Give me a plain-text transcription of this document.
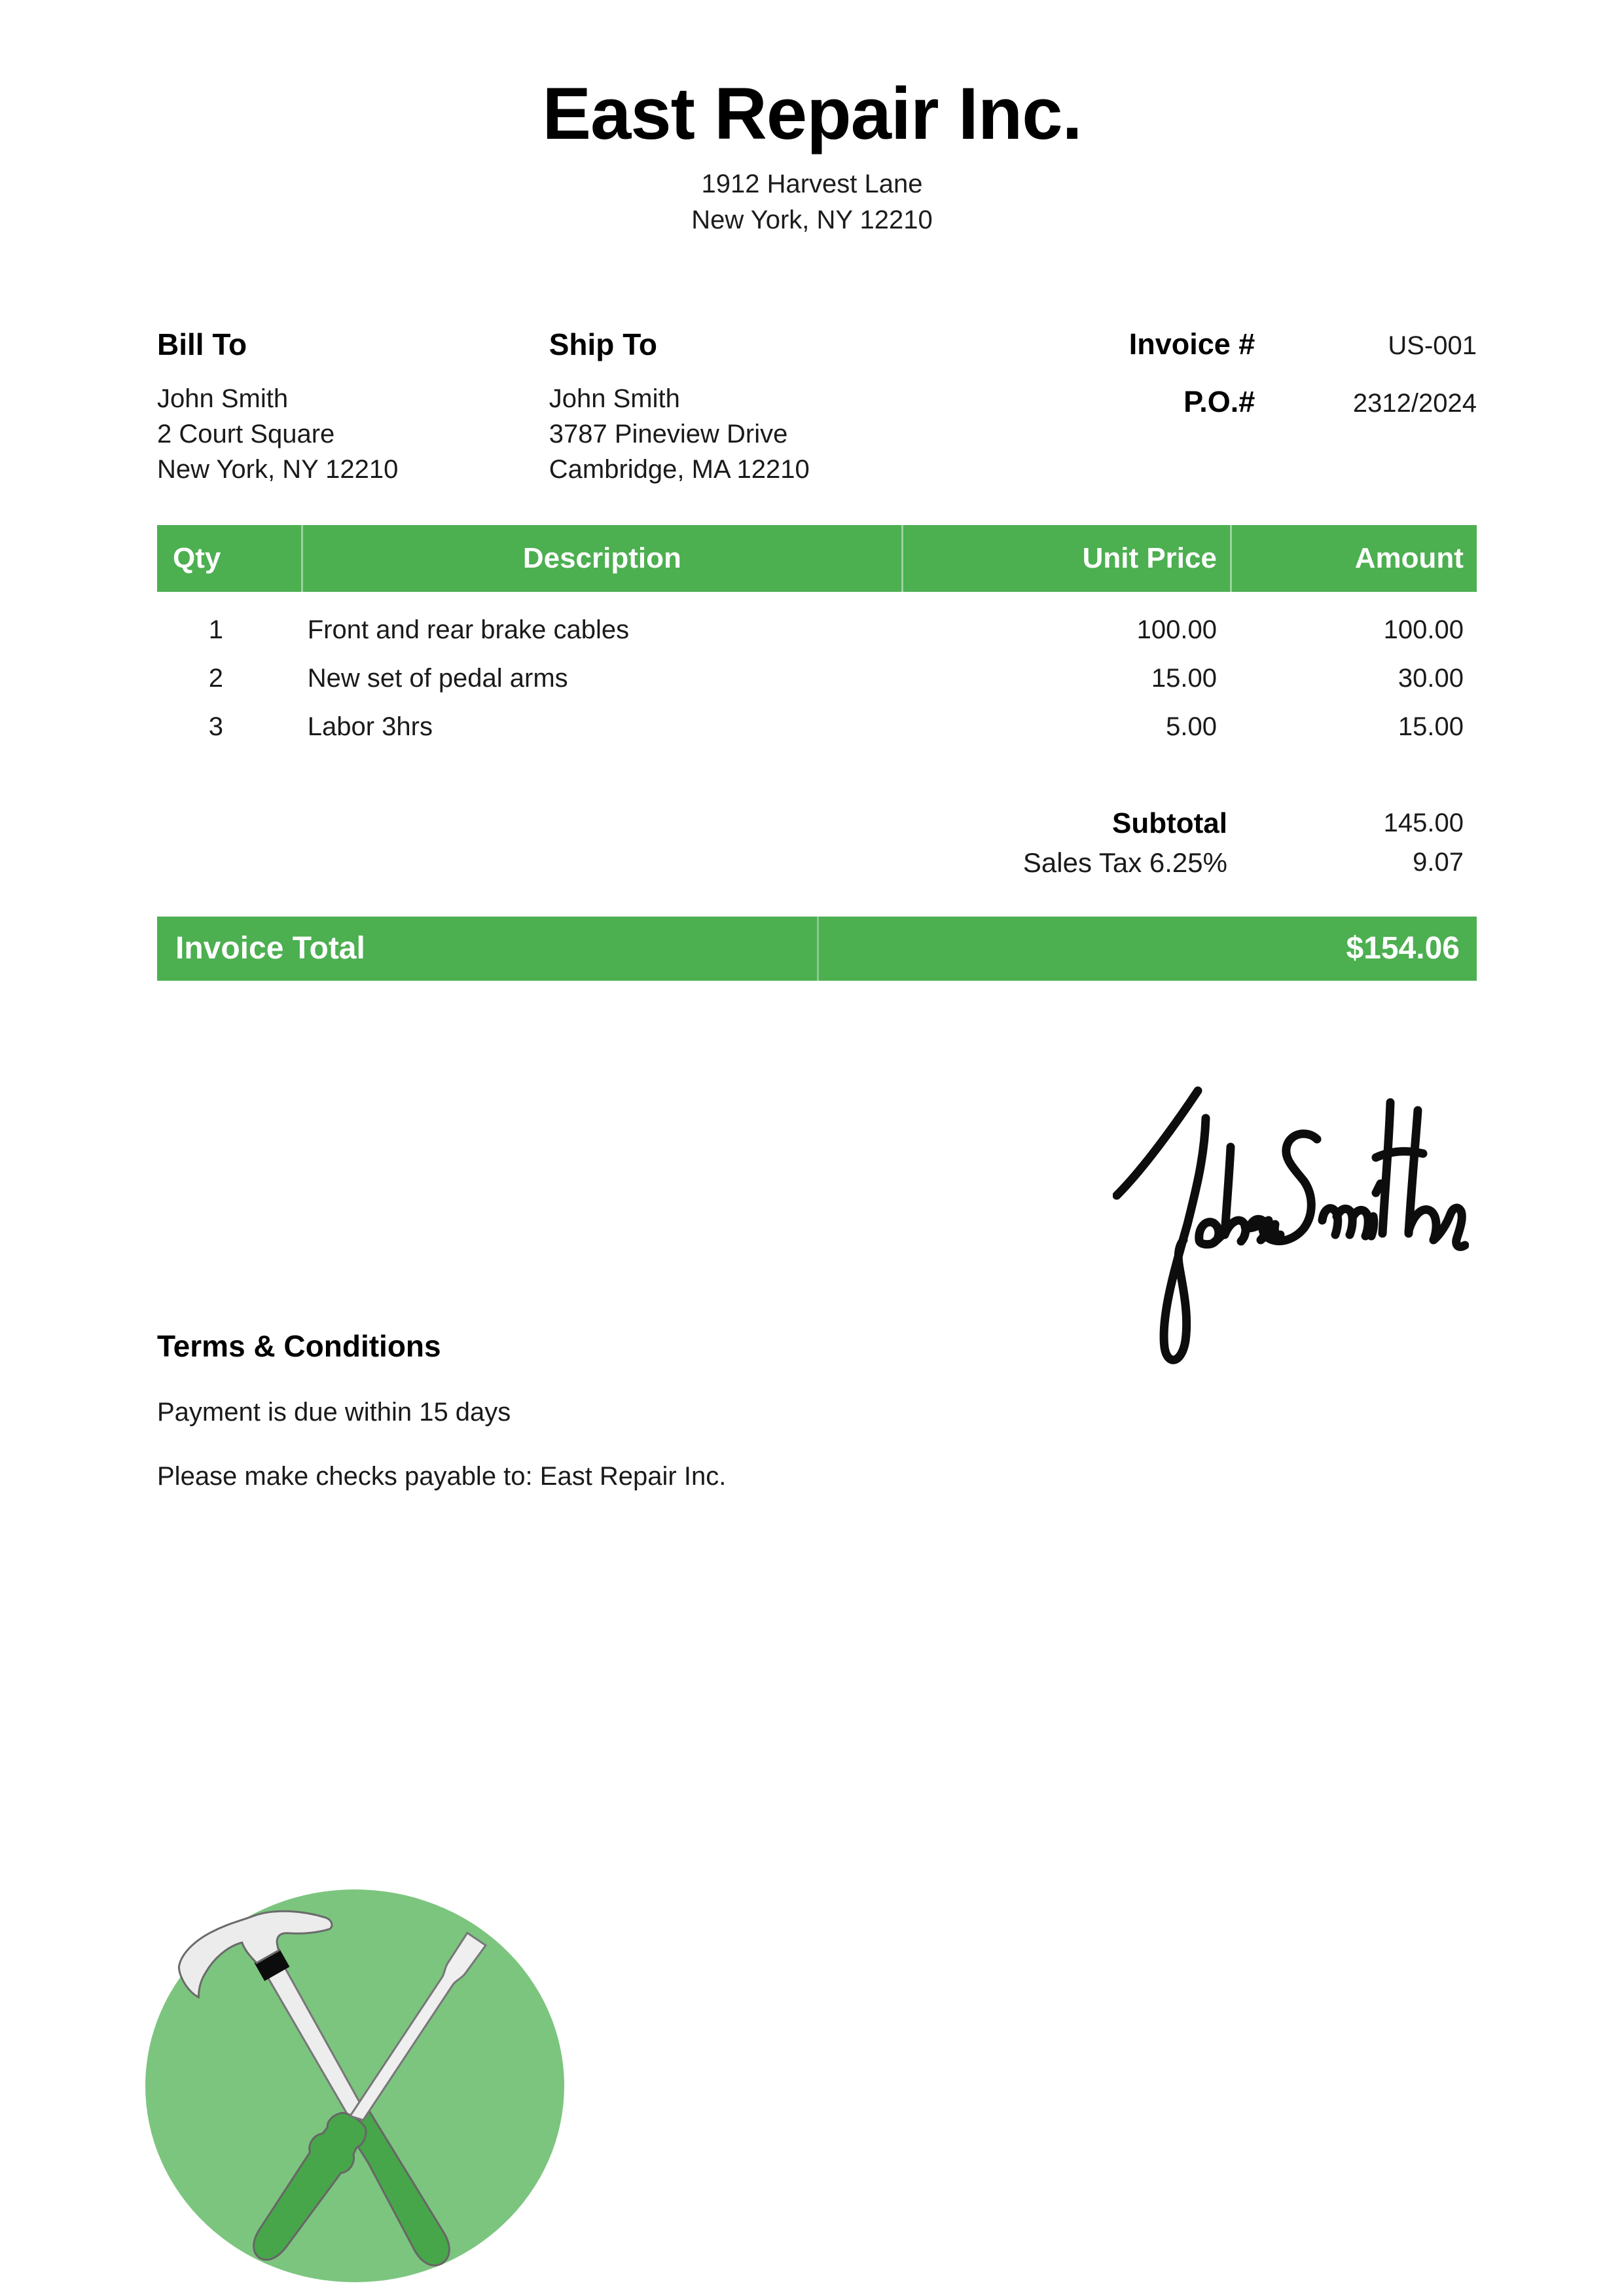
East Repair Inc.
1912 Harvest Lane
New York, NY 12210
Bill To
John Smith
2 Court Square
New York, NY 12210
Ship To
John Smith
3787 Pineview Drive
Cambridge, MA 12210
Invoice #	US-001
P.O.#	2312/2024
Qty	Description	Unit Price	Amount
1	Front and rear brake cables	100.00	100.00
2	New set of pedal arms	15.00	30.00
3	Labor 3hrs	5.00	15.00
Subtotal	145.00
Sales Tax 6.25%	9.07
Invoice Total	$154.06
Terms & Conditions
Payment is due within 15 days
Please make checks payable to: East Repair Inc.
